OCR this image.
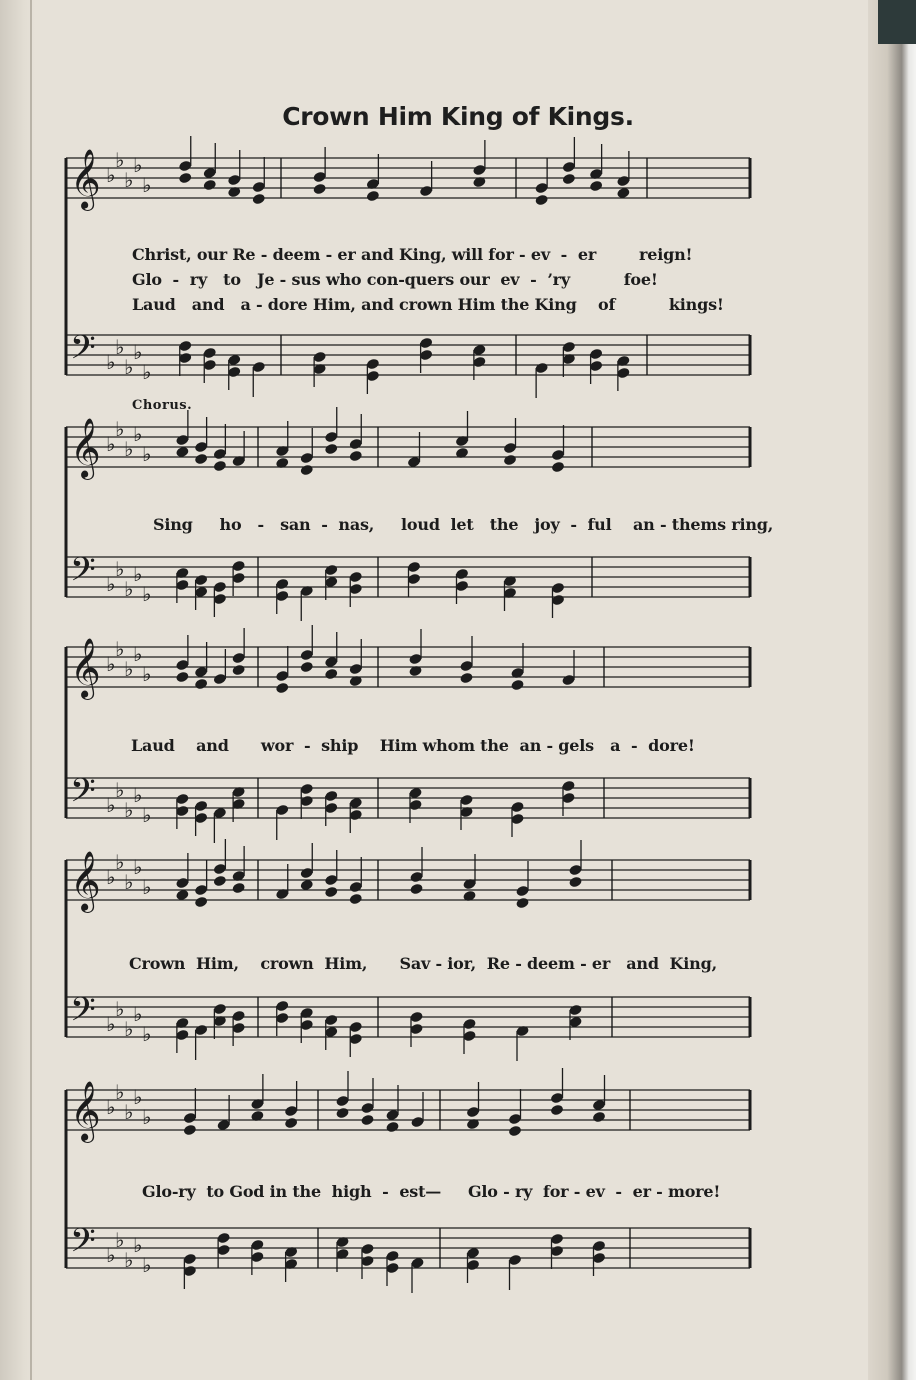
Crown Him King of Kings.
𝄞 ♭
♭
♭
♭
♭
𝄢 ♭
♭
♭
♭
♭
𝄞 ♭
♭
♭
♭
♭
𝄢 ♭
♭
♭
♭
♭
𝄞 ♭
♭
♭
♭
♭
𝄢 ♭
♭
♭
♭
♭
𝄞 ♭
♭
♭
♭
♭
𝄢 ♭
♭
♭
♭
♭
𝄞 ♭
♭
♭
♭
♭
𝄢 ♭
♭
♭
♭
♭
Christ, our Re - deem - er and King, will for - ev  -  er        reign!
Glo  -  ry   to   Je - sus who con-quers our  ev  -  ’ry          foe!
Laud   and   a - dore Him, and crown Him the King    of          kings!
Chorus.
Sing     ho   -   san  -  nas,     loud  let   the   joy  -  ful    an - thems ring,
Laud    and      wor  -  ship    Him whom the  an - gels   a  -  dore!
Crown  Him,    crown  Him,      Sav - ior,  Re - deem - er   and  King,
Glo-ry  to God in the  high  -  est—     Glo - ry  for - ev  -  er - more!
